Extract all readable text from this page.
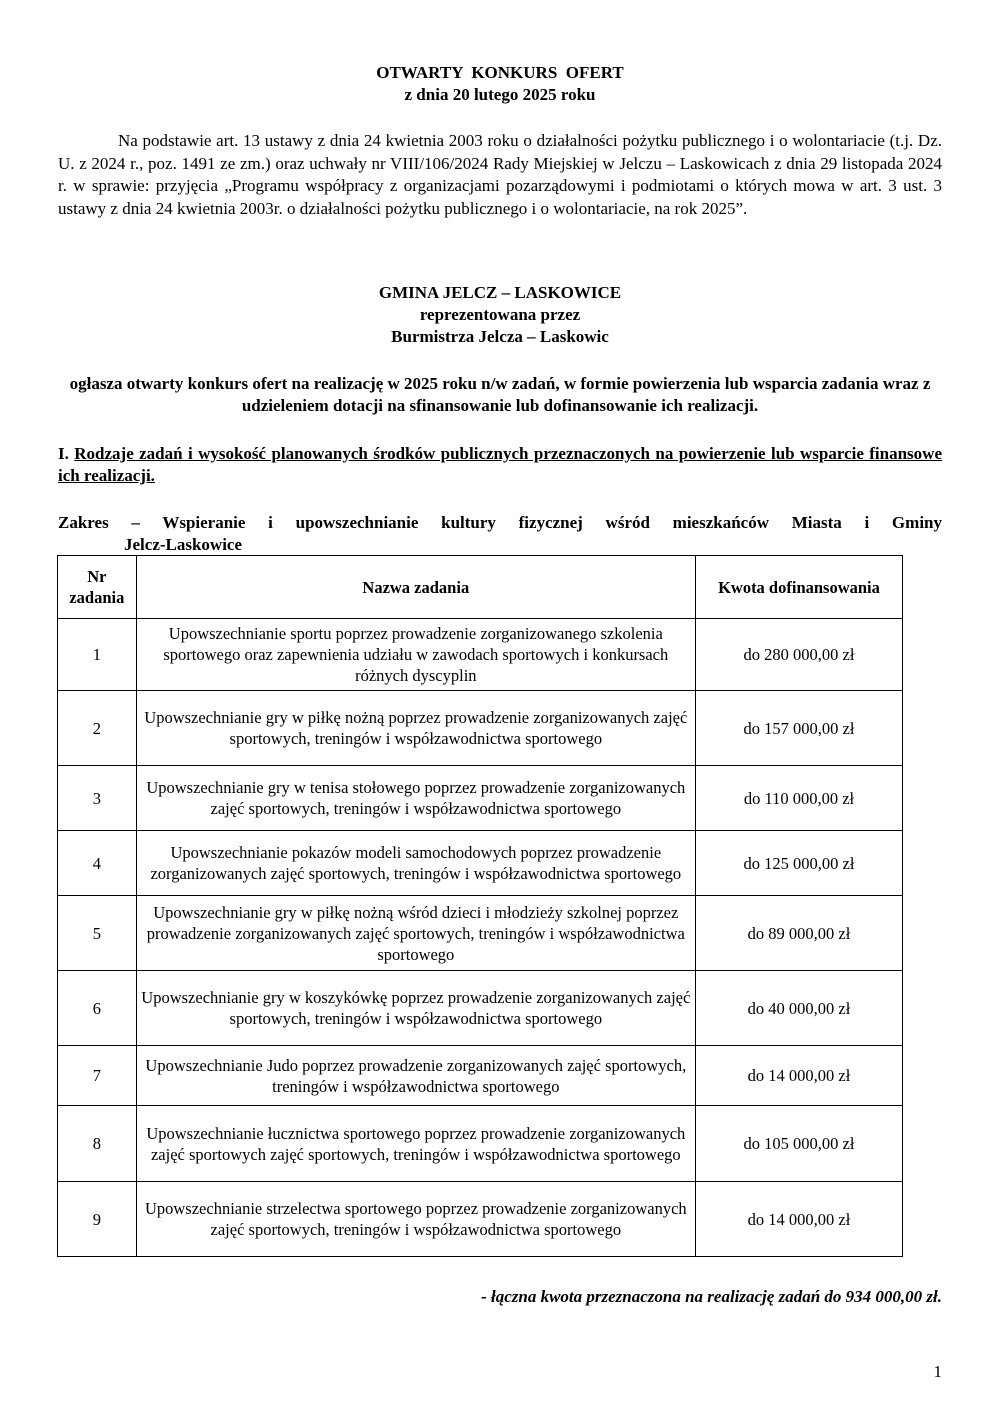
OTWARTY  KONKURS  OFERT
z dnia 20 lutego 2025 roku
Na podstawie art. 13 ustawy z dnia 24 kwietnia 2003 roku o działalności pożytku publicznego i o wolontariacie (t.j. Dz. U. z 2024 r., poz. 1491 ze zm.) oraz uchwały nr VIII/106/2024 Rady Miejskiej w Jelczu – Laskowicach z dnia 29 listopada 2024 r. w sprawie: przyjęcia „Programu współpracy z organizacjami pozarządowymi i podmiotami o których mowa w art. 3 ust. 3 ustawy z dnia 24 kwietnia 2003r. o działalności pożytku publicznego i o wolontariacie, na rok 2025”.
GMINA JELCZ – LASKOWICE
reprezentowana przez
Burmistrza Jelcza – Laskowic
ogłasza otwarty konkurs ofert na realizację w 2025 roku n/w zadań, w formie powierzenia lub wsparcia zadania wraz z udzieleniem dotacji na sfinansowanie lub dofinansowanie ich realizacji.
I. Rodzaje zadań i wysokość planowanych środków publicznych przeznaczonych na powierzenie lub wsparcie finansowe ich realizacji.
Zakres – Wspieranie i upowszechnianie kultury fizycznej wśród mieszkańców Miasta i Gminy
Jelcz-Laskowice
Nr zadania	Nazwa zadania	Kwota dofinansowania
1	Upowszechnianie sportu poprzez prowadzenie zorganizowanego szkolenia sportowego oraz zapewnienia udziału w zawodach sportowych i konkursach różnych dyscyplin	do 280 000,00 zł
2	Upowszechnianie gry w piłkę nożną poprzez prowadzenie zorganizowanych zajęć sportowych, treningów i współzawodnictwa sportowego	do 157 000,00 zł
3	Upowszechnianie gry w tenisa stołowego poprzez prowadzenie zorganizowanych zajęć sportowych, treningów i współzawodnictwa sportowego	do 110 000,00 zł
4	Upowszechnianie pokazów modeli samochodowych poprzez prowadzenie zorganizowanych zajęć sportowych, treningów i współzawodnictwa sportowego	do 125 000,00 zł
5	Upowszechnianie gry w piłkę nożną wśród dzieci i młodzieży szkolnej poprzez prowadzenie zorganizowanych zajęć sportowych, treningów i współzawodnictwa sportowego	do 89 000,00 zł
6	Upowszechnianie gry w koszykówkę poprzez prowadzenie zorganizowanych zajęć sportowych, treningów i współzawodnictwa sportowego	do 40 000,00 zł
7	Upowszechnianie Judo poprzez prowadzenie zorganizowanych zajęć sportowych, treningów i współzawodnictwa sportowego	do 14 000,00 zł
8	Upowszechnianie łucznictwa sportowego poprzez prowadzenie zorganizowanych zajęć sportowych zajęć sportowych, treningów i współzawodnictwa sportowego	do 105 000,00 zł
9	Upowszechnianie strzelectwa sportowego poprzez prowadzenie zorganizowanych zajęć sportowych, treningów i współzawodnictwa sportowego	do 14 000,00 zł
- łączna kwota przeznaczona na realizację zadań do 934 000,00 zł.
1
